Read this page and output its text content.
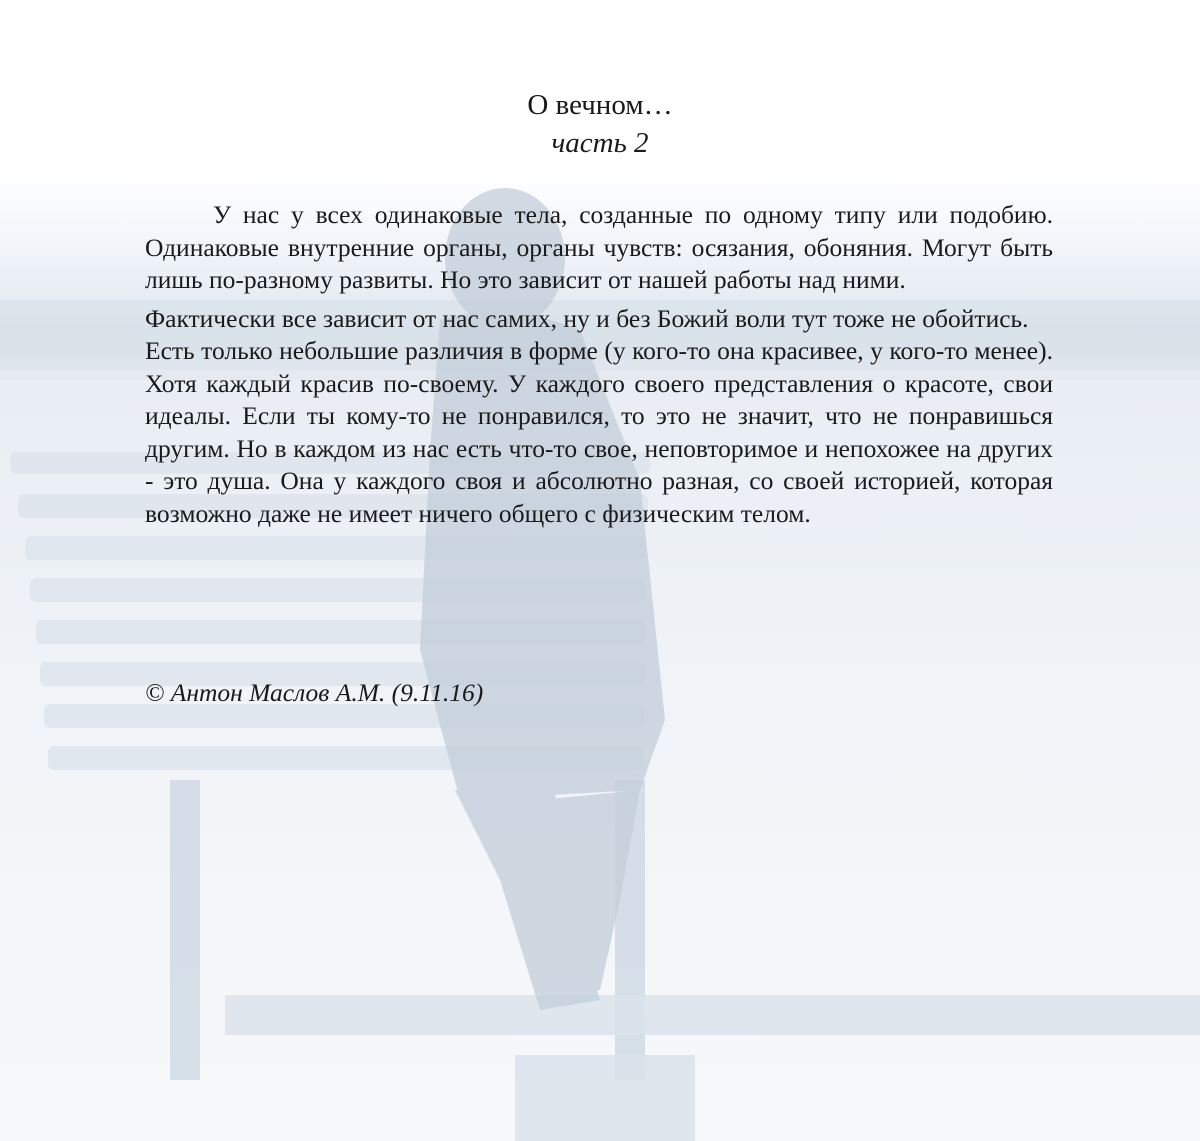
О вечном…
часть 2

У нас у всех одинаковые тела, созданные по одному типу или подобию. Одинаковые внутренние органы, органы чувств: осязания, обоняния. Могут быть лишь по-разному развиты. Но это зависит от нашей работы над ними.

Фактически все зависит от нас самих, ну и без Божий воли тут тоже не обойтись.

Есть только небольшие различия в форме (у кого-то она красивее, у кого-то менее). Хотя каждый красив по-своему. У каждого своего представления о красоте, свои идеалы. Если ты кому-то не понравился, то это не значит, что не понравишься другим. Но в каждом из нас есть что-то свое, неповторимое и непохожее на других - это душа. Она у каждого своя и абсолютно разная, со своей историей, которая возможно даже не имеет ничего общего с физическим телом.

© Антон Маслов А.М. (9.11.16)
